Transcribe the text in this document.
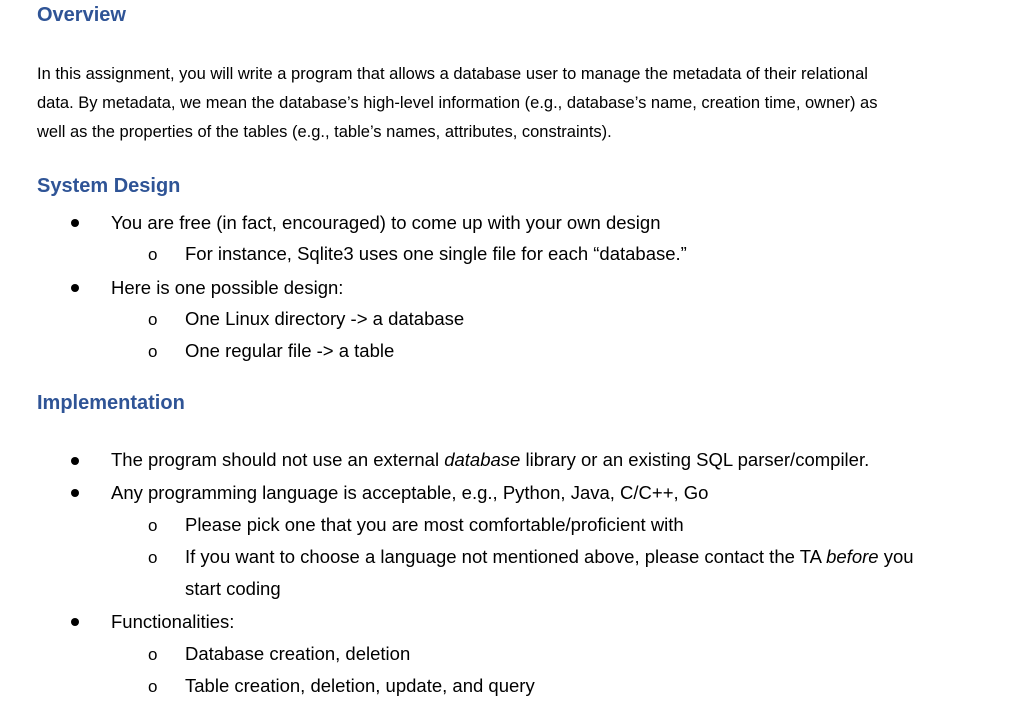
Overview

In this assignment, you will write a program that allows a database user to manage the metadata of their relational
data. By metadata, we mean the database’s high-level information (e.g., database’s name, creation time, owner) as
well as the properties of the tables (e.g., table’s names, attributes, constraints).

System Design

You are free (in fact, encouraged) to come up with your own design

o For instance, Sqlite3 uses one single file for each “database.”

Here is one possible design:

o One Linux directory -> a database

o One regular file -> a table

Implementation

The program should not use an external database library or an existing SQL parser/compiler.

Any programming language is acceptable, e.g., Python, Java, C/C++, Go

o Please pick one that you are most comfortable/proficient with

o If you want to choose a language not mentioned above, please contact the TA before you

start coding

Functionalities:

o Database creation, deletion

o Table creation, deletion, update, and query
